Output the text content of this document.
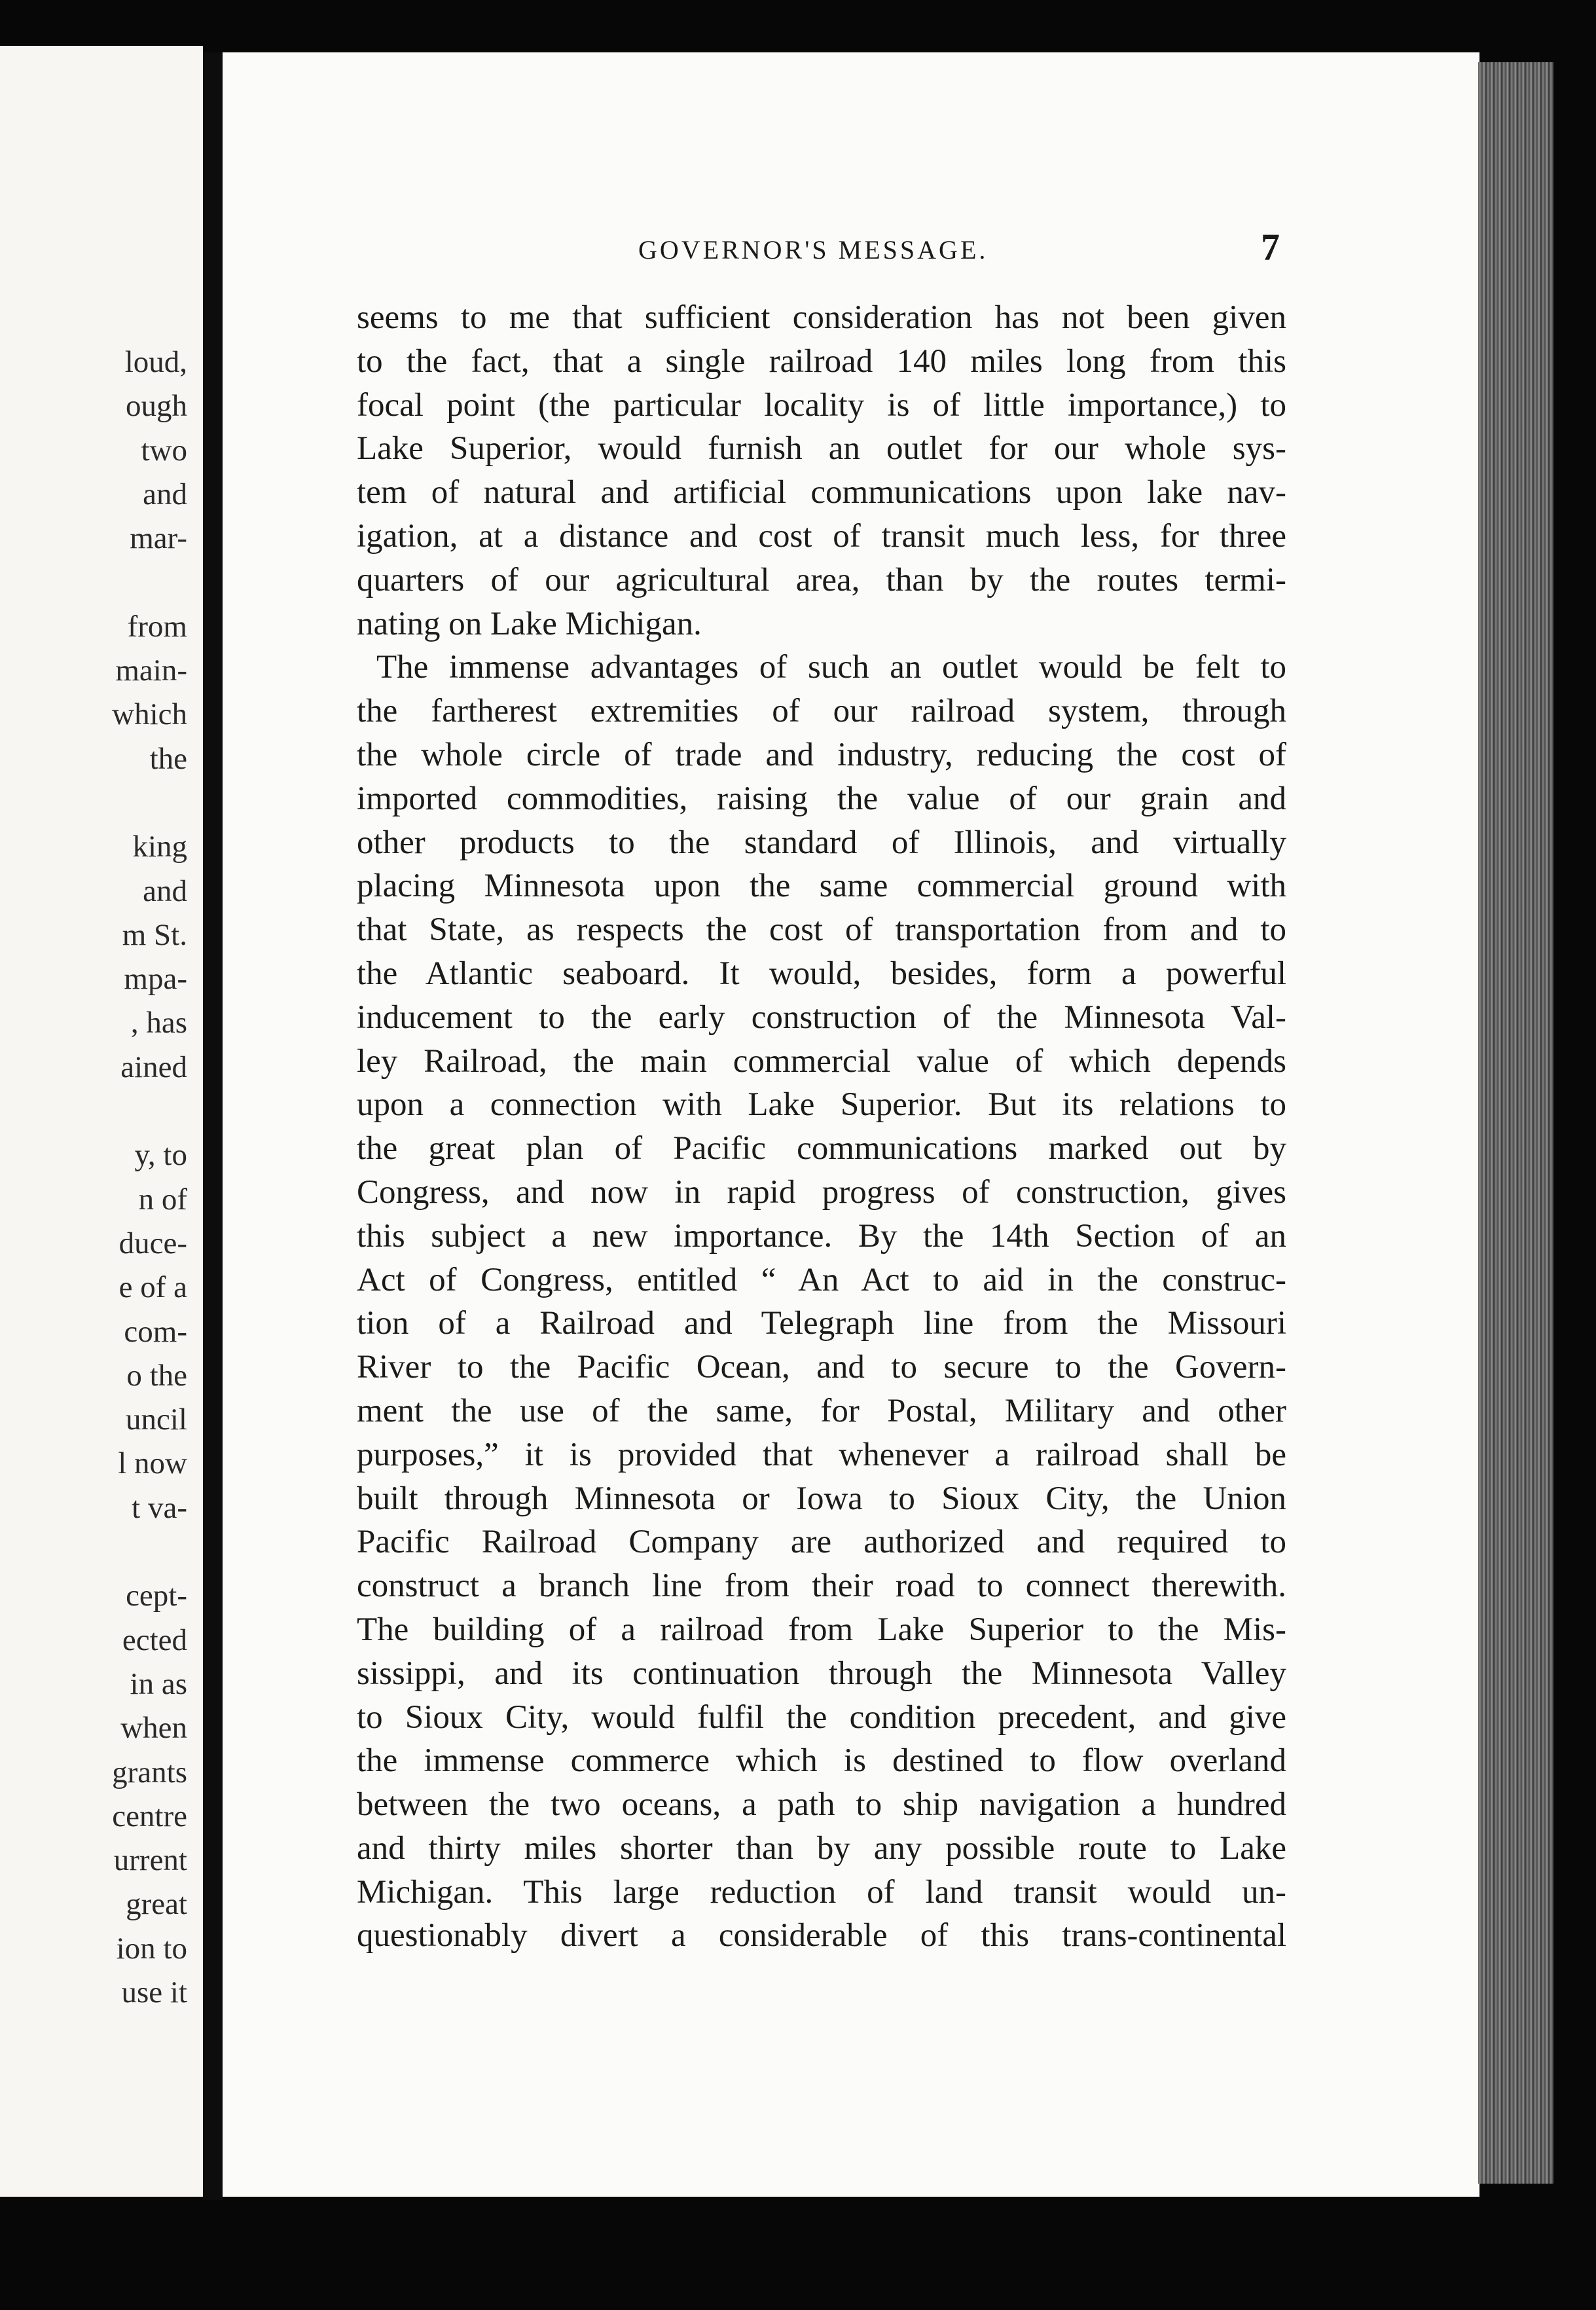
loud,
ough
two
and
mar-
from
main-
which
the
king
and
m St.
mpa-
, has
ained
y, to
n of
duce-
e of a
com-
o the
uncil
l now
t va-
cept-
ected
in as
when
grants
centre
urrent
great
ion to
use it
GOVERNOR'S MESSAGE.	7
seems to me that sufficient consideration has not been given
to the fact, that a single railroad 140 miles long from this
focal point (the particular locality is of little importance,) to
Lake Superior, would furnish an outlet for our whole sys-
tem of natural and artificial communications upon lake nav-
igation, at a distance and cost of transit much less, for three
quarters of our agricultural area, than by the routes termi-
nating on Lake Michigan.
The immense advantages of such an outlet would be felt to
the fartherest extremities of our railroad system, through
the whole circle of trade and industry, reducing the cost of
imported commodities, raising the value of our grain and
other products to the standard of Illinois, and virtually
placing Minnesota upon the same commercial ground with
that State, as respects the cost of transportation from and to
the Atlantic seaboard. It would, besides, form a powerful
inducement to the early construction of the Minnesota Val-
ley Railroad, the main commercial value of which depends
upon a connection with Lake Superior. But its relations to
the great plan of Pacific communications marked out by
Congress, and now in rapid progress of construction, gives
this subject a new importance. By the 14th Section of an
Act of Congress, entitled “ An Act to aid in the construc-
tion of a Railroad and Telegraph line from the Missouri
River to the Pacific Ocean, and to secure to the Govern-
ment the use of the same, for Postal, Military and other
purposes,” it is provided that whenever a railroad shall be
built through Minnesota or Iowa to Sioux City, the Union
Pacific Railroad Company are authorized and required to
construct a branch line from their road to connect therewith.
The building of a railroad from Lake Superior to the Mis-
sissippi, and its continuation through the Minnesota Valley
to Sioux City, would fulfil the condition precedent, and give
the immense commerce which is destined to flow overland
between the two oceans, a path to ship navigation a hundred
and thirty miles shorter than by any possible route to Lake
Michigan. This large reduction of land transit would un-
questionably divert a considerable of this trans-continental
